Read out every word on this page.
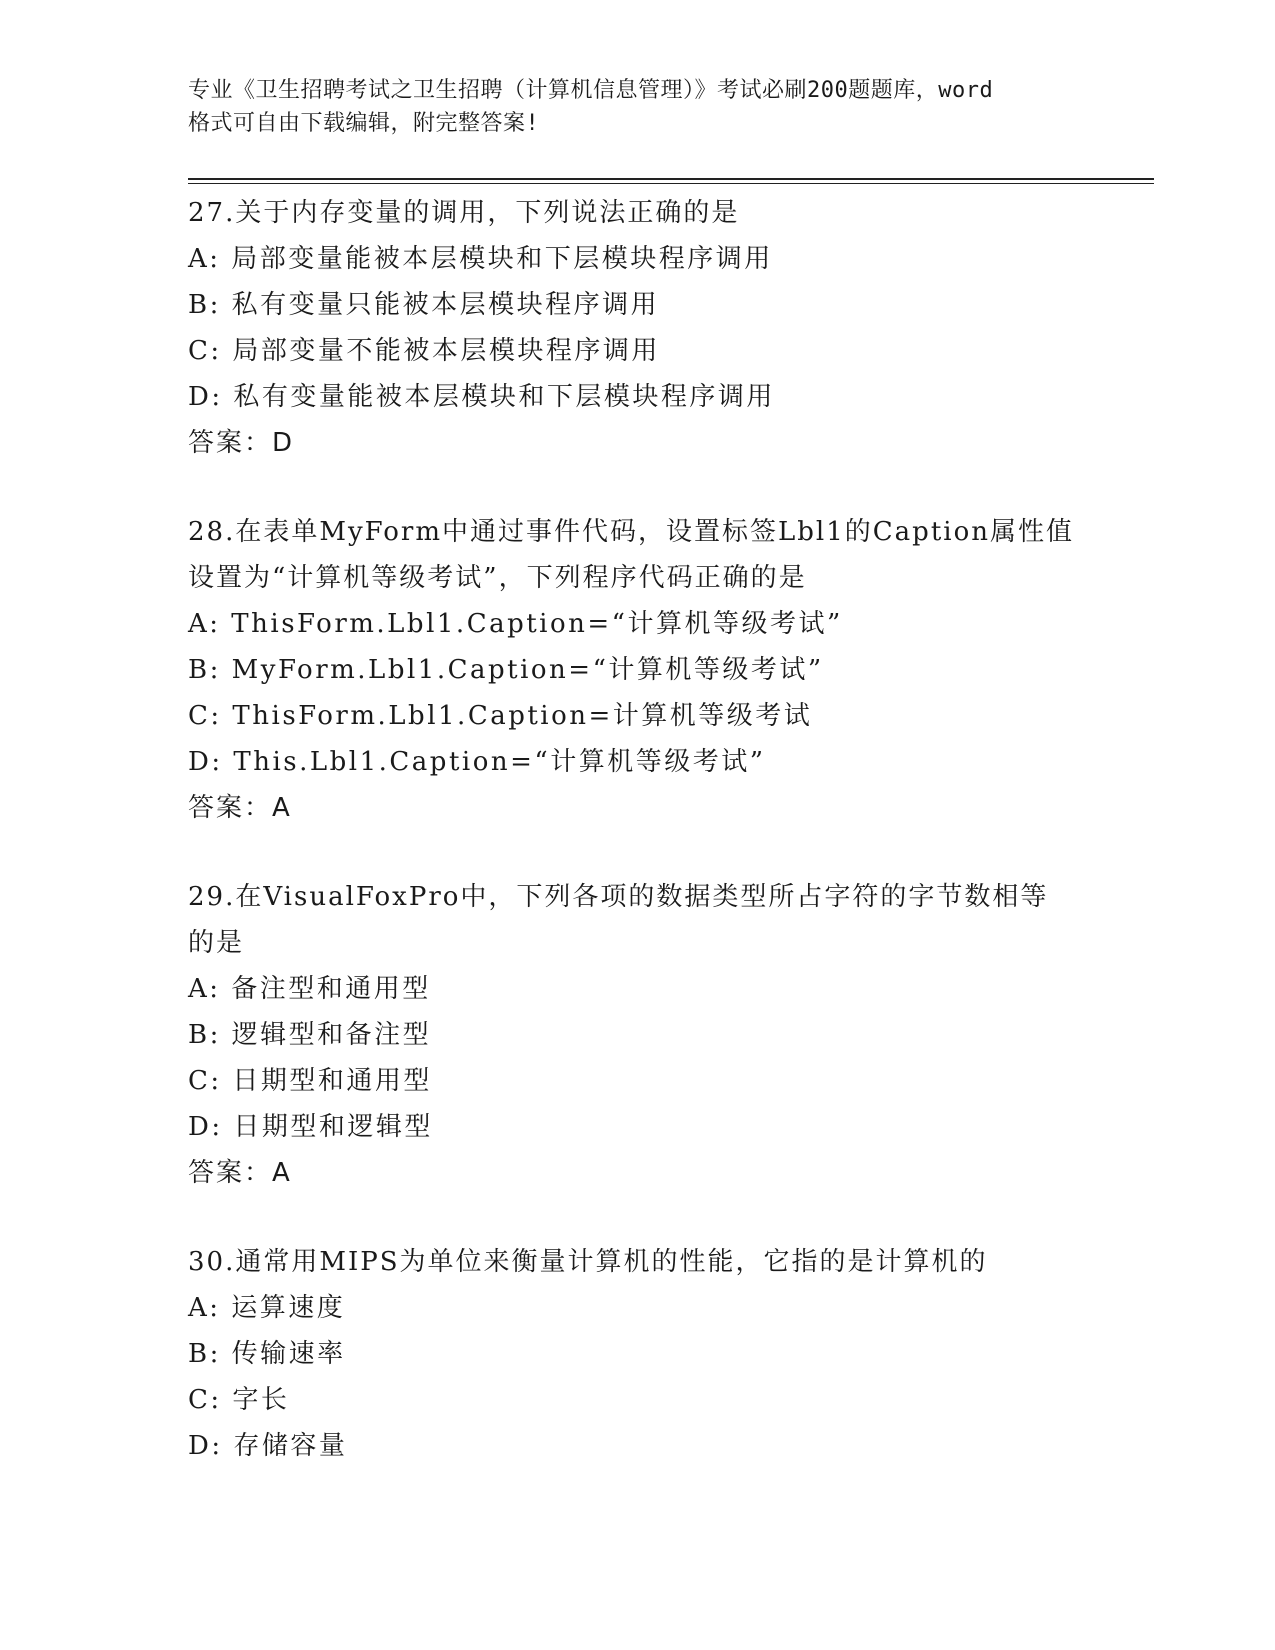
专业《卫生招聘考试之卫生招聘（计算机信息管理）》考试必刷200题题库，word
格式可自由下载编辑，附完整答案!
27.关于内存变量的调用，下列说法正确的是
A: 局部变量能被本层模块和下层模块程序调用
B: 私有变量只能被本层模块程序调用
C: 局部变量不能被本层模块程序调用
D: 私有变量能被本层模块和下层模块程序调用
答案：D
28.在表单MyForm中通过事件代码，设置标签Lbl1的Caption属性值
设置为“计算机等级考试”，下列程序代码正确的是
A: ThisForm.Lbl1.Caption=“计算机等级考试”
B: MyForm.Lbl1.Caption=“计算机等级考试”
C: ThisForm.Lbl1.Caption=计算机等级考试
D: This.Lbl1.Caption=“计算机等级考试”
答案：A
29.在VisualFoxPro中，下列各项的数据类型所占字符的字节数相等
的是
A: 备注型和通用型
B: 逻辑型和备注型
C: 日期型和通用型
D: 日期型和逻辑型
答案：A
30.通常用MIPS为单位来衡量计算机的性能，它指的是计算机的
A: 运算速度
B: 传输速率
C: 字长
D: 存储容量
